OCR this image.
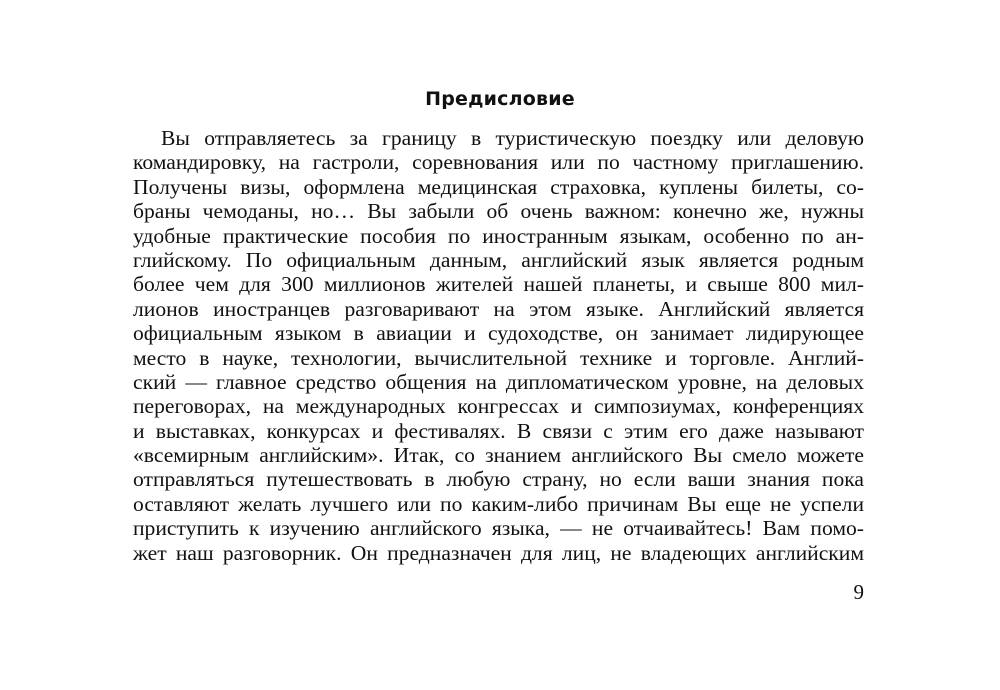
Предисловие
Вы отправляетесь за границу в туристическую поездку или деловую
командировку, на гастроли, соревнования или по частному приглашению.
Получены визы, оформлена медицинская страховка, куплены билеты, со-
браны чемоданы, но… Вы забыли об очень важном: конечно же, нужны
удобные практические пособия по иностранным языкам, особенно по ан-
глийскому. По официальным данным, английский язык является родным
более чем для 300 миллионов жителей нашей планеты, и свыше 800 мил-
лионов иностранцев разговаривают на этом языке. Английский является
официальным языком в авиации и судоходстве, он занимает лидирующее
место в науке, технологии, вычислительной технике и торговле. Англий-
ский — главное средство общения на дипломатическом уровне, на деловых
переговорах, на международных конгрессах и симпозиумах, конференциях
и выставках, конкурсах и фестивалях. В связи с этим его даже называют
«всемирным английским». Итак, со знанием английского Вы смело можете
отправляться путешествовать в любую страну, но если ваши знания пока
оставляют желать лучшего или по каким-либо причинам Вы еще не успели
приступить к изучению английского языка, — не отчаивайтесь! Вам помо-
жет наш разговорник. Он предназначен для лиц, не владеющих английским
9
